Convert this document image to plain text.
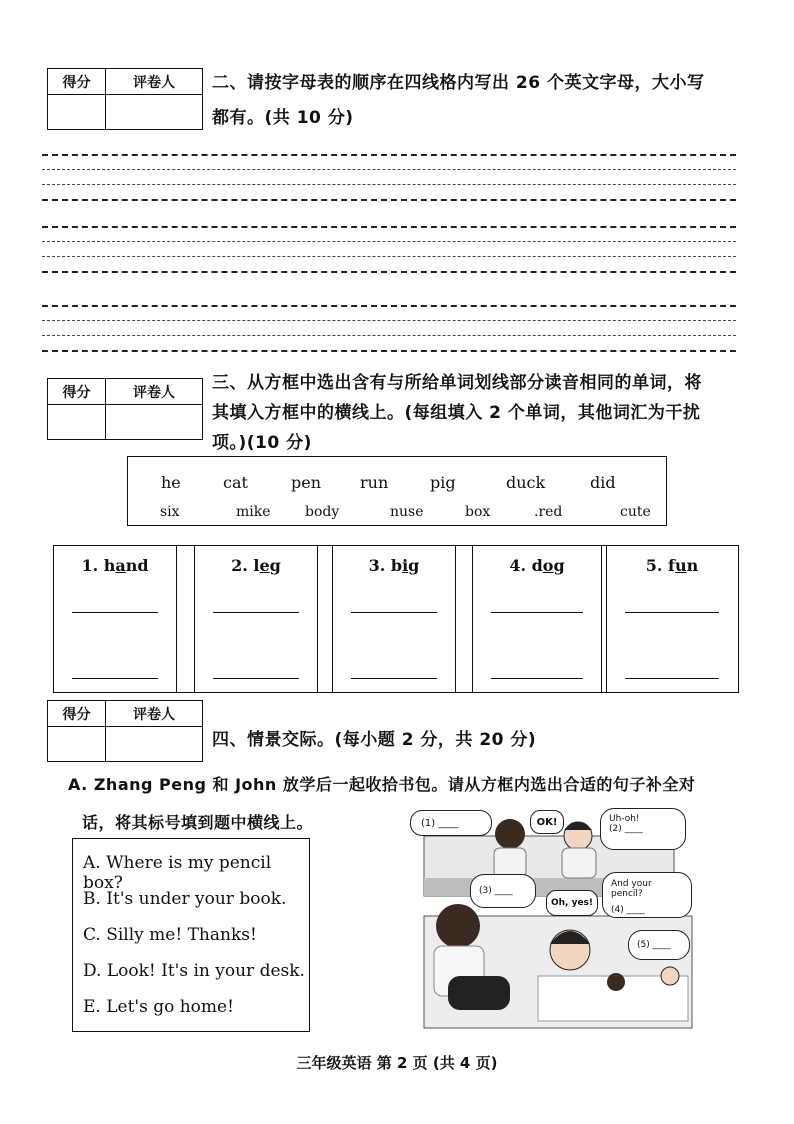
得分	评卷人	二、请按字母表的顺序在四线格内写出 26 个英文字母，大小写
都有。(共 10 分)
得分	评卷人	三、从方框中选出含有与所给单词划线部分读音相同的单词，将
其填入方框中的横线上。(每组填入 2 个单词，其他词汇为干扰
项。)(10 分)
he	cat	pen run	pig	duck	did
six	mike body	nuse	box	.red	cute
1. hand	2. leg	3. big	4. dog	5. fun
得分	评卷人
四、情景交际。(每小题 2 分，共 20 分)
A. Zhang Peng 和 John 放学后一起收拾书包。请从方框内选出合适的句子补全对
话，将其标号填到题中横线上。
A. Where is my pencil box?
B. It's under your book.
C. Silly me! Thanks!
D. Look! It's in your desk.
E. Let's go home!
(1) ____	OK!	Uh-oh!
(2) ____
(3) ____
Oh, yes!
And your pencil?
(4) ____
(5) ____
三年级英语 第 2 页 (共 4 页)
